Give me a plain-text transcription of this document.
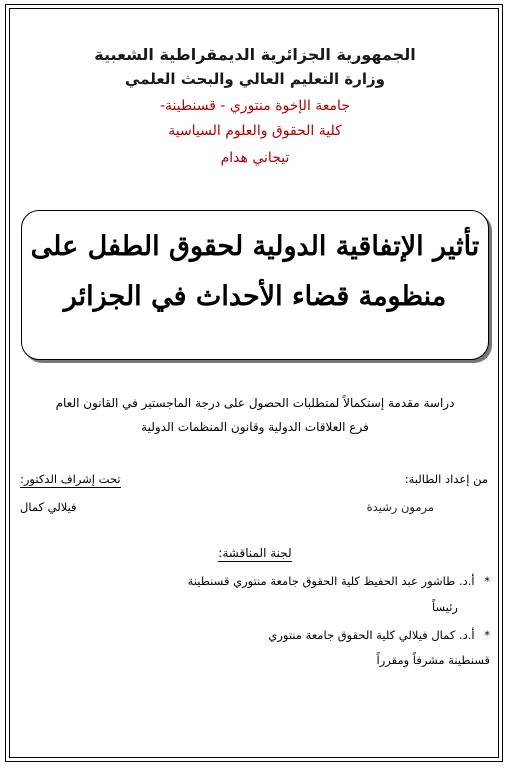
الجمهورية الجزائرية الديمقراطية الشعبية
وزارة التعليم العالي والبحث العلمي
جامعة الإخوة منتوري - قسنطينة-
كلية الحقوق والعلوم السياسية
تيجاني هدام
تأثير الإتفاقية الدولية لحقوق الطفل على
منظومة قضاء الأحداث في الجزائر
دراسة مقدمة إستكمالاً لمتطلبات الحصول على درجة الماجستير في القانون العام
فرع العلاقات الدولية وقانون المنظمات الدولية
من إعداد الطالبة:
مرمون رشيدة
تحت إشراف الدكتور:
فيلالي كمال
لجنة المناقشة:
* أ.د. طاشور عبد الحفيظ كلية الحقوق جامعة منتوري قسنطينة
رئيساً
* أ.د. كمال فيلالي كلية الحقوق جامعة منتوري
قسنطينة مشرفاً ومقرراً
